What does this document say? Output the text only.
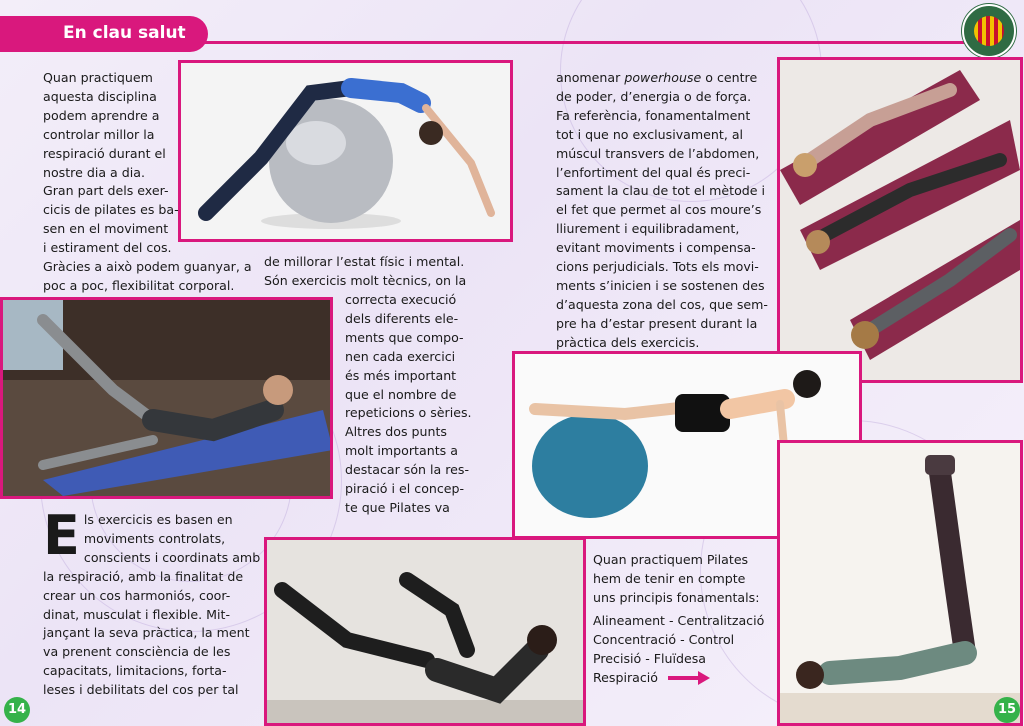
En clau salut

Quan practiquem

aquesta disciplina

podem aprendre a

controlar millor la

respiració durant el

nostre dia a dia.

Gran part dels exer-

cicis de pilates es ba-

sen en el moviment

i estirament del cos.

Gràcies a això podem guanyar, a

poc a poc, flexibilitat corporal.

de millorar l’estat físic i mental.

Són exercicis molt tècnics, on la

correcta execució

dels diferents ele-

ments que compo-

nen cada exercici

és més important

que el nombre de

repeticions o sèries.

Altres dos punts

molt importants a

destacar són la res-

piració i el concep-

te que Pilates va

E ls exercicis es basen en

moviments controlats,

conscients i coordinats amb

la respiració, amb la finalitat de

crear un cos harmoniós, coor-

dinat, musculat i flexible. Mit-

jançant la seva pràctica, la ment

va prenent consciència de les

capacitats, limitacions, forta-

leses i debilitats del cos per tal

anomenar powerhouse o centre

de poder, d’energia o de força.

Fa referència, fonamentalment

tot i que no exclusivament, al

múscul transvers de l’abdomen,

l’enfortiment del qual és preci-

sament la clau de tot el mètode i

el fet que permet al cos moure’s

lliurement i equilibradament,

evitant moviments i compensa-

cions perjudicials. Tots els movi-

ments s’inicien i se sostenen des

d’aquesta zona del cos, que sem-

pre ha d’estar present durant la

pràctica dels exercicis.

Quan practiquem Pilates

hem de tenir en compte

uns principis fonamentals:

Alineament - Centralització

Concentració - Control

Precisió - Fluïdesa

Respiració

14	15
